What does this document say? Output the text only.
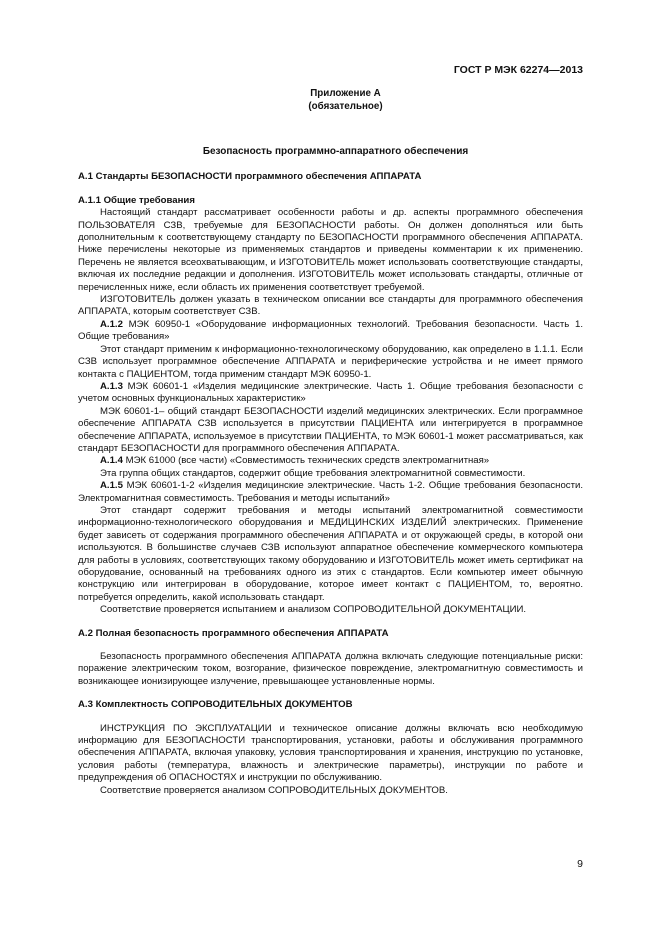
ГОСТ Р МЭК 62274—2013
Приложение А
(обязательное)
Безопасность программно-аппаратного обеспечения
А.1 Стандарты БЕЗОПАСНОСТИ программного обеспечения АППАРАТА
А.1.1 Общие требования

Настоящий стандарт рассматривает особенности работы и др. аспекты программного обеспечения ПОЛЬЗОВАТЕЛЯ СЗВ, требуемые для БЕЗОПАСНОСТИ работы. Он должен дополняться или быть дополнительным к соответствующему стандарту по БЕЗОПАСНОСТИ программного обеспечения АППАРАТА. Ниже перечислены некоторые из применяемых стандартов и приведены комментарии к их применению. Перечень не является всеохватывающим, и ИЗГОТОВИТЕЛЬ может использовать соответствующие стандарты, включая их последние редакции и дополнения. ИЗГОТОВИТЕЛЬ может использовать стандарты, отличные от перечисленных ниже, если область их применения соответствует требуемой.

ИЗГОТОВИТЕЛЬ должен указать в техническом описании все стандарты для программного обеспечения АППАРАТА, которым соответствует СЗВ.

А.1.2 МЭК 60950-1 «Оборудование информационных технологий. Требования безопасности. Часть 1. Общие требования»

Этот стандарт применим к информационно-технологическому оборудованию, как определено в 1.1.1. Если СЗВ использует программное обеспечение АППАРАТА и периферические устройства и не имеет прямого контакта с ПАЦИЕНТОМ, тогда применим стандарт МЭК 60950-1.

А.1.3 МЭК 60601-1 «Изделия медицинские электрические. Часть 1. Общие требования безопасности с учетом основных функциональных характеристик»

МЭК 60601-1– общий стандарт БЕЗОПАСНОСТИ изделий медицинских электрических. Если программное обеспечение АППАРАТА СЗВ используется в присутствии ПАЦИЕНТА или интегрируется в программное обеспечение АППАРАТА, используемое в присутствии ПАЦИЕНТА, то МЭК 60601-1 может рассматриваться, как стандарт БЕЗОПАСНОСТИ для программного обеспечения АППАРАТА.

А.1.4 МЭК 61000 (все части) «Совместимость технических средств электромагнитная»

Эта группа общих стандартов, содержит общие требования электромагнитной совместимости.

А.1.5 МЭК 60601-1-2 «Изделия медицинские электрические. Часть 1-2. Общие требования безопасности. Электромагнитная совместимость. Требования и методы испытаний»

Этот стандарт содержит требования и методы испытаний электромагнитной совместимости информационно-технологического оборудования и МЕДИЦИНСКИХ ИЗДЕЛИЙ электрических. Применение будет зависеть от содержания программного обеспечения АППАРАТА и от окружающей среды, в которой они используются. В большинстве случаев СЗВ используют аппаратное обеспечение коммерческого компьютера для работы в условиях, соответствующих такому оборудованию и ИЗГОТОВИТЕЛЬ может иметь сертификат на оборудование, основанный на требованиях одного из этих с стандартов. Если компьютер имеет обычную конструкцию или интегрирован в оборудование, которое имеет контакт с ПАЦИЕНТОМ, то, вероятно. потребуется определить, какой использовать стандарт.

Соответствие проверяется испытанием и анализом СОПРОВОДИТЕЛЬНОЙ ДОКУМЕНТАЦИИ.

А.2 Полная безопасность программного обеспечения АППАРАТА

Безопасность программного обеспечения АППАРАТА должна включать следующие потенциальные риски: поражение электрическим током, возгорание, физическое повреждение, электромагнитную совместимость и возникающее ионизирующее излучение, превышающее установленные нормы.

А.3 Комплектность СОПРОВОДИТЕЛЬНЫХ ДОКУМЕНТОВ

ИНСТРУКЦИЯ ПО ЭКСПЛУАТАЦИИ и техническое описание должны включать всю необходимую информацию для БЕЗОПАСНОСТИ транспортирования, установки, работы и обслуживания программного обеспечения АППАРАТА, включая упаковку, условия транспортирования и хранения, инструкцию по установке, условия работы (температура, влажность и электрические параметры), инструкции по работе и предупреждения об ОПАСНОСТЯХ и инструкции по обслуживанию.

Соответствие проверяется анализом СОПРОВОДИТЕЛЬНЫХ ДОКУМЕНТОВ.

9
